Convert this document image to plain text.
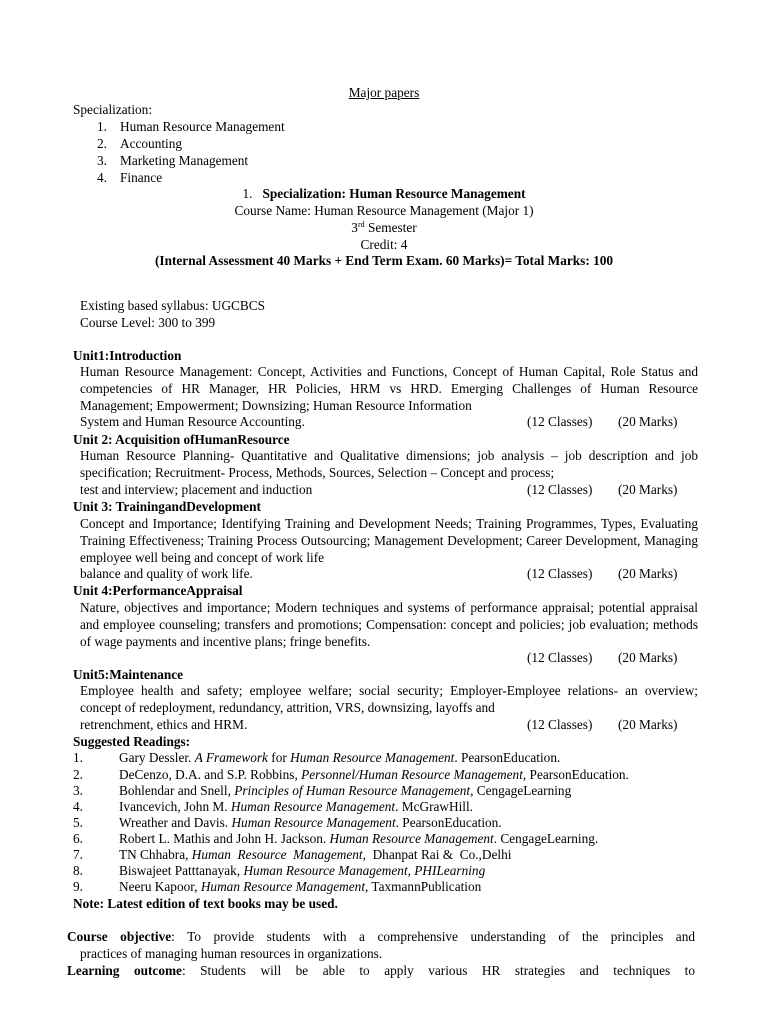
Major papers
Specialization:
1. Human Resource Management
2. Accounting
3. Marketing Management
4. Finance
1. Specialization: Human Resource Management
Course Name: Human Resource Management (Major 1)
3rd Semester
Credit: 4
(Internal Assessment 40 Marks + End Term Exam. 60 Marks)= Total Marks: 100
Existing based syllabus: UGCBCS
Course Level: 300 to 399
Unit1:Introduction
Human Resource Management: Concept, Activities and Functions, Concept of Human Capital, Role Status and competencies of HR Manager, HR Policies, HRM vs HRD. Emerging Challenges of Human Resource Management; Empowerment; Downsizing; Human Resource Information
System and Human Resource Accounting.	(12 Classes) (20 Marks)
Unit 2: Acquisition ofHumanResource
Human Resource Planning- Quantitative and Qualitative dimensions; job analysis – job description and job specification; Recruitment- Process, Methods, Sources, Selection – Concept and process;
test and interview; placement and induction	(12 Classes) (20 Marks)
Unit 3: TrainingandDevelopment
Concept and Importance; Identifying Training and Development Needs; Training Programmes, Types, Evaluating Training Effectiveness; Training Process Outsourcing; Management Development; Career Development, Managing employee well being and concept of work life
balance and quality of work life.	(12 Classes) (20 Marks)
Unit 4:PerformanceAppraisal
Nature, objectives and importance; Modern techniques and systems of performance appraisal; potential appraisal and employee counseling; transfers and promotions; Compensation: concept and policies; job evaluation; methods of wage payments and incentive plans; fringe benefits.
(12 Classes) (20 Marks)
Unit5:Maintenance
Employee health and safety; employee welfare; social security; Employer-Employee relations- an overview; concept of redeployment, redundancy, attrition, VRS, downsizing, layoffs and
retrenchment, ethics and HRM.	(12 Classes) (20 Marks)
Suggested Readings:
1.	Gary Dessler. A Framework for Human Resource Management. PearsonEducation.
2.	DeCenzo, D.A. and S.P. Robbins, Personnel/Human Resource Management, PearsonEducation.
3.	Bohlendar and Snell, Principles of Human Resource Management, CengageLearning
4.	Ivancevich, John M. Human Resource Management. McGrawHill.
5.	Wreather and Davis. Human Resource Management. PearsonEducation.
6.	Robert L. Mathis and John H. Jackson. Human Resource Management. CengageLearning.
7.	TN Chhabra, Human  Resource  Management,  Dhanpat Rai &  Co.,Delhi
8.	Biswajeet Patttanayak, Human Resource Management, PHILearning
9.	Neeru Kapoor, Human Resource Management, TaxmannPublication
Note: Latest edition of text books may be used.
Course objective: To provide students with a comprehensive understanding of the principles and
practices of managing human resources in organizations.
Learning outcome: Students will be able to apply various HR strategies and techniques to
